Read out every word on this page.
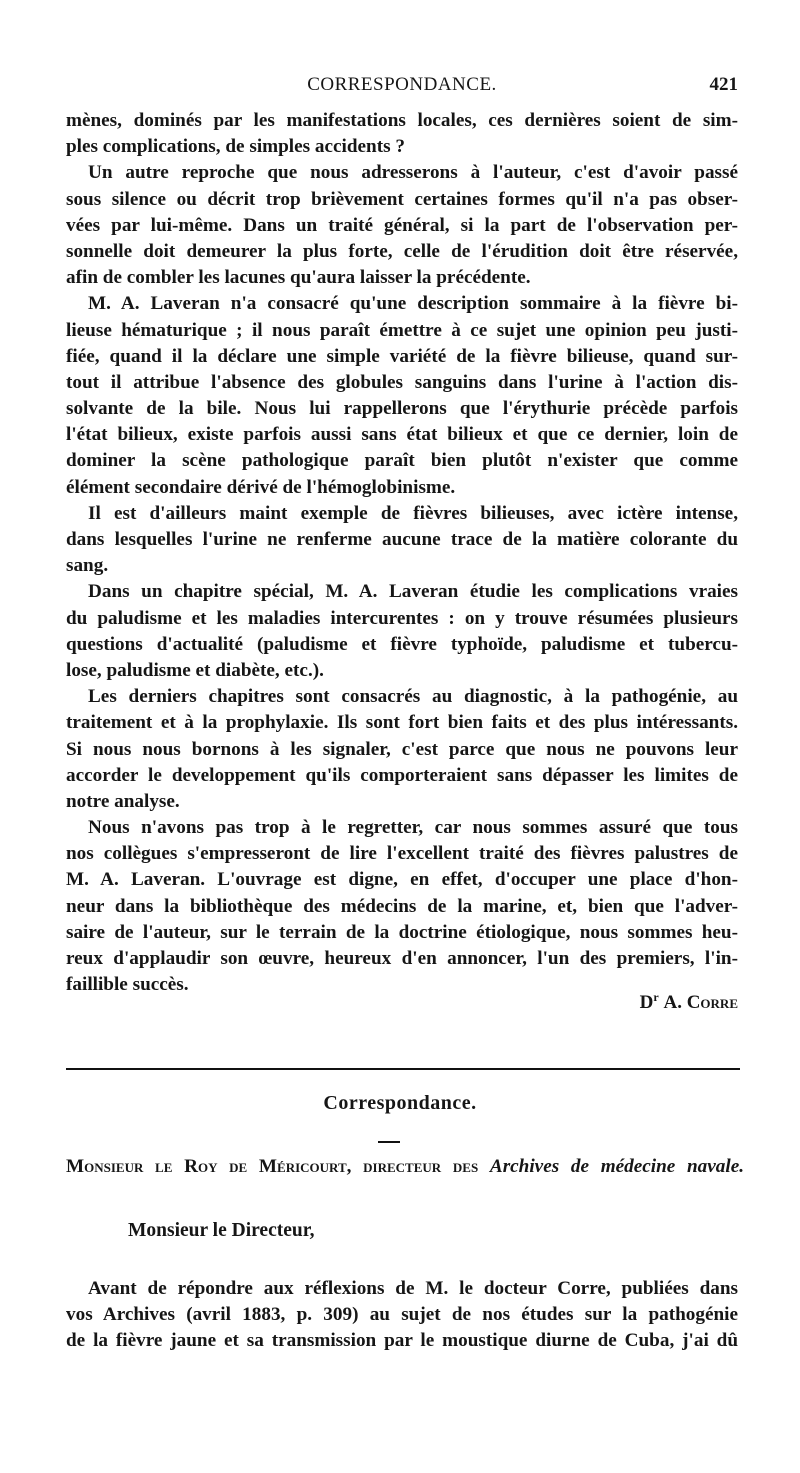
CORRESPONDANCE.	421
mènes, dominés par les manifestations locales, ces dernières soient de sim-
ples complications, de simples accidents ?
Un autre reproche que nous adresserons à l'auteur, c'est d'avoir passé
sous silence ou décrit trop brièvement certaines formes qu'il n'a pas obser-
vées par lui-même. Dans un traité général, si la part de l'observation per-
sonnelle doit demeurer la plus forte, celle de l'érudition doit être réservée,
afin de combler les lacunes qu'aura laisser la précédente.
M. A. Laveran n'a consacré qu'une description sommaire à la fièvre bi-
lieuse hématurique ; il nous paraît émettre à ce sujet une opinion peu justi-
fiée, quand il la déclare une simple variété de la fièvre bilieuse, quand sur-
tout il attribue l'absence des globules sanguins dans l'urine à l'action dis-
solvante de la bile. Nous lui rappellerons que l'érythurie précède parfois
l'état bilieux, existe parfois aussi sans état bilieux et que ce dernier, loin de
dominer la scène pathologique paraît bien plutôt n'exister que comme
élément secondaire dérivé de l'hémoglobinisme.
Il est d'ailleurs maint exemple de fièvres bilieuses, avec ictère intense,
dans lesquelles l'urine ne renferme aucune trace de la matière colorante du
sang.
Dans un chapitre spécial, M. A. Laveran étudie les complications vraies
du paludisme et les maladies intercurentes : on y trouve résumées plusieurs
questions d'actualité (paludisme et fièvre typhoïde, paludisme et tubercu-
lose, paludisme et diabète, etc.).
Les derniers chapitres sont consacrés au diagnostic, à la pathogénie, au
traitement et à la prophylaxie. Ils sont fort bien faits et des plus intéressants.
Si nous nous bornons à les signaler, c'est parce que nous ne pouvons leur
accorder le developpement qu'ils comporteraient sans dépasser les limites de
notre analyse.
Nous n'avons pas trop à le regretter, car nous sommes assuré que tous
nos collègues s'empresseront de lire l'excellent traité des fièvres palustres de
M. A. Laveran. L'ouvrage est digne, en effet, d'occuper une place d'hon-
neur dans la bibliothèque des médecins de la marine, et, bien que l'adver-
saire de l'auteur, sur le terrain de la doctrine étiologique, nous sommes heu-
reux d'applaudir son œuvre, heureux d'en annoncer, l'un des premiers, l'in-
faillible succès.
$D^r$ A. Corre
Correspondance.
Monsieur le Roy de Méricourt, directeur des Archives de médecine navale.
Monsieur le Directeur,
Avant de répondre aux réflexions de M. le docteur Corre, publiées dans
vos Archives (avril 1883, p. 309) au sujet de nos études sur la pathogénie
de la fièvre jaune et sa transmission par le moustique diurne de Cuba, j'ai dû
